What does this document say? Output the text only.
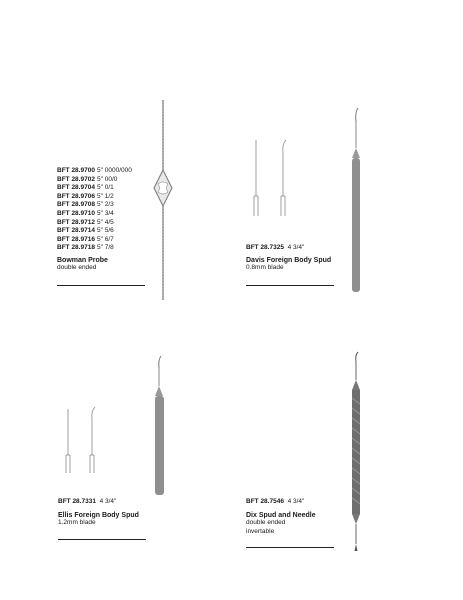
BFT 28.9700 5" 0000/000
BFT 28.9702 5" 00/0
BFT 28.9704 5" 0/1
BFT 28.9706 5" 1/2
BFT 28.9708 5" 2/3
BFT 28.9710 5" 3/4
BFT 28.9712 5" 4/5
BFT 28.9714 5" 5/6
BFT 28.9716 5" 6/7
BFT 28.9718 5" 7/8
Bowman Probe
double ended
BFT 28.7325 4 3/4"
Davis Foreign Body Spud
0.8mm blade
BFT 28.7331 4 3/4"
Ellis Foreign Body Spud
1.2mm blade
BFT 28.7546 4 3/4"
Dix Spud and Needle
double ended
invertable
